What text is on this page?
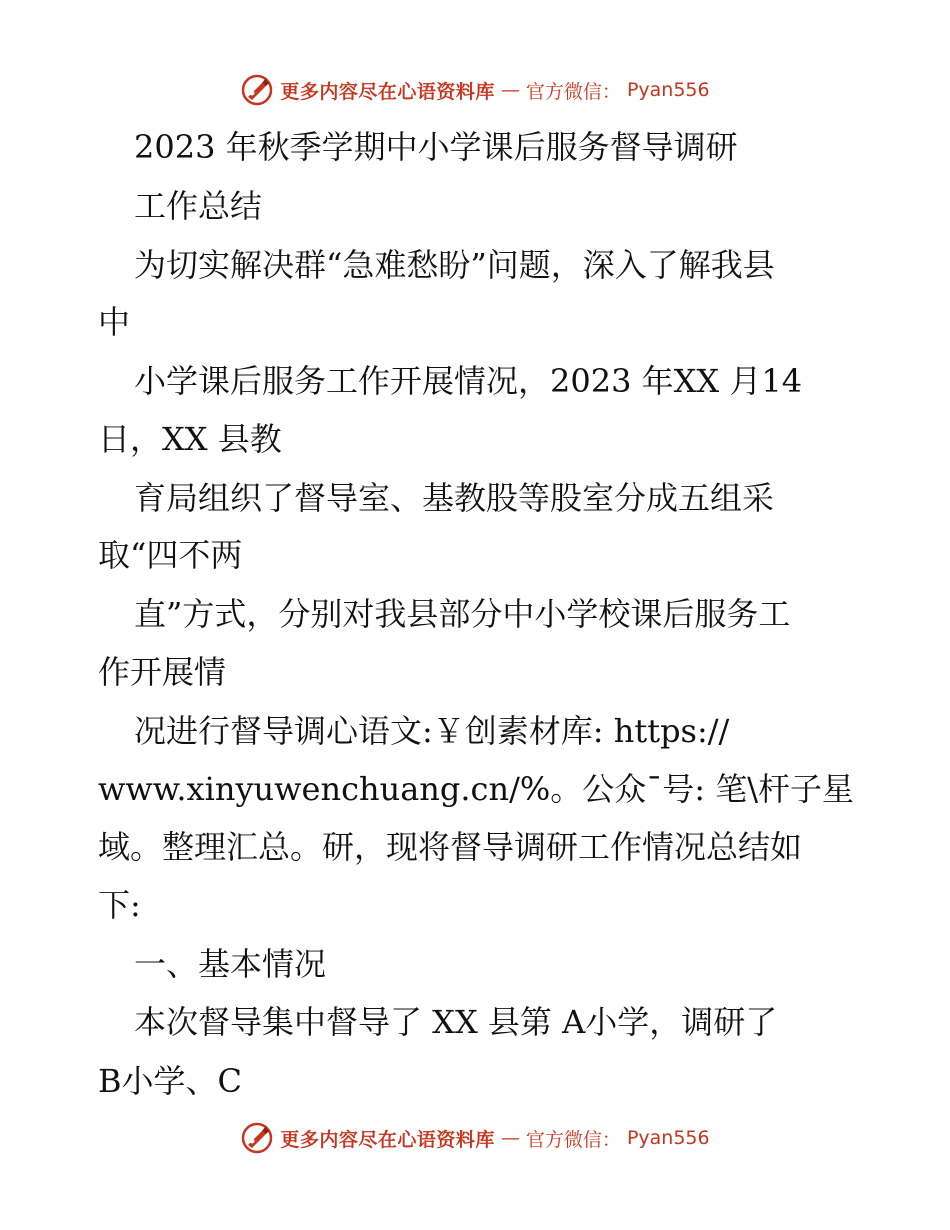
更多内容尽在心语资料库 — 官方微信： Pyan556
2023 年秋季学期中小学课后服务督导调研
工作总结
为切实解决群“急难愁盼”问题，深入了解我县
中
小学课后服务工作开展情况，2023 年XX 月14
日，XX 县教
育局组织了督导室、基教股等股室分成五组采
取“四不两
直”方式，分别对我县部分中小学校课后服务工
作开展情
况进行督导调心语文:￥创素材库: https://
www.xinyuwenchuang.cn/%。公众¯号: 笔\杆子星
域。整理汇总。研，现将督导调研工作情况总结如
下:
一、基本情况
本次督导集中督导了 XX 县第 A小学，调研了
B小学、C
更多内容尽在心语资料库 — 官方微信： Pyan556
